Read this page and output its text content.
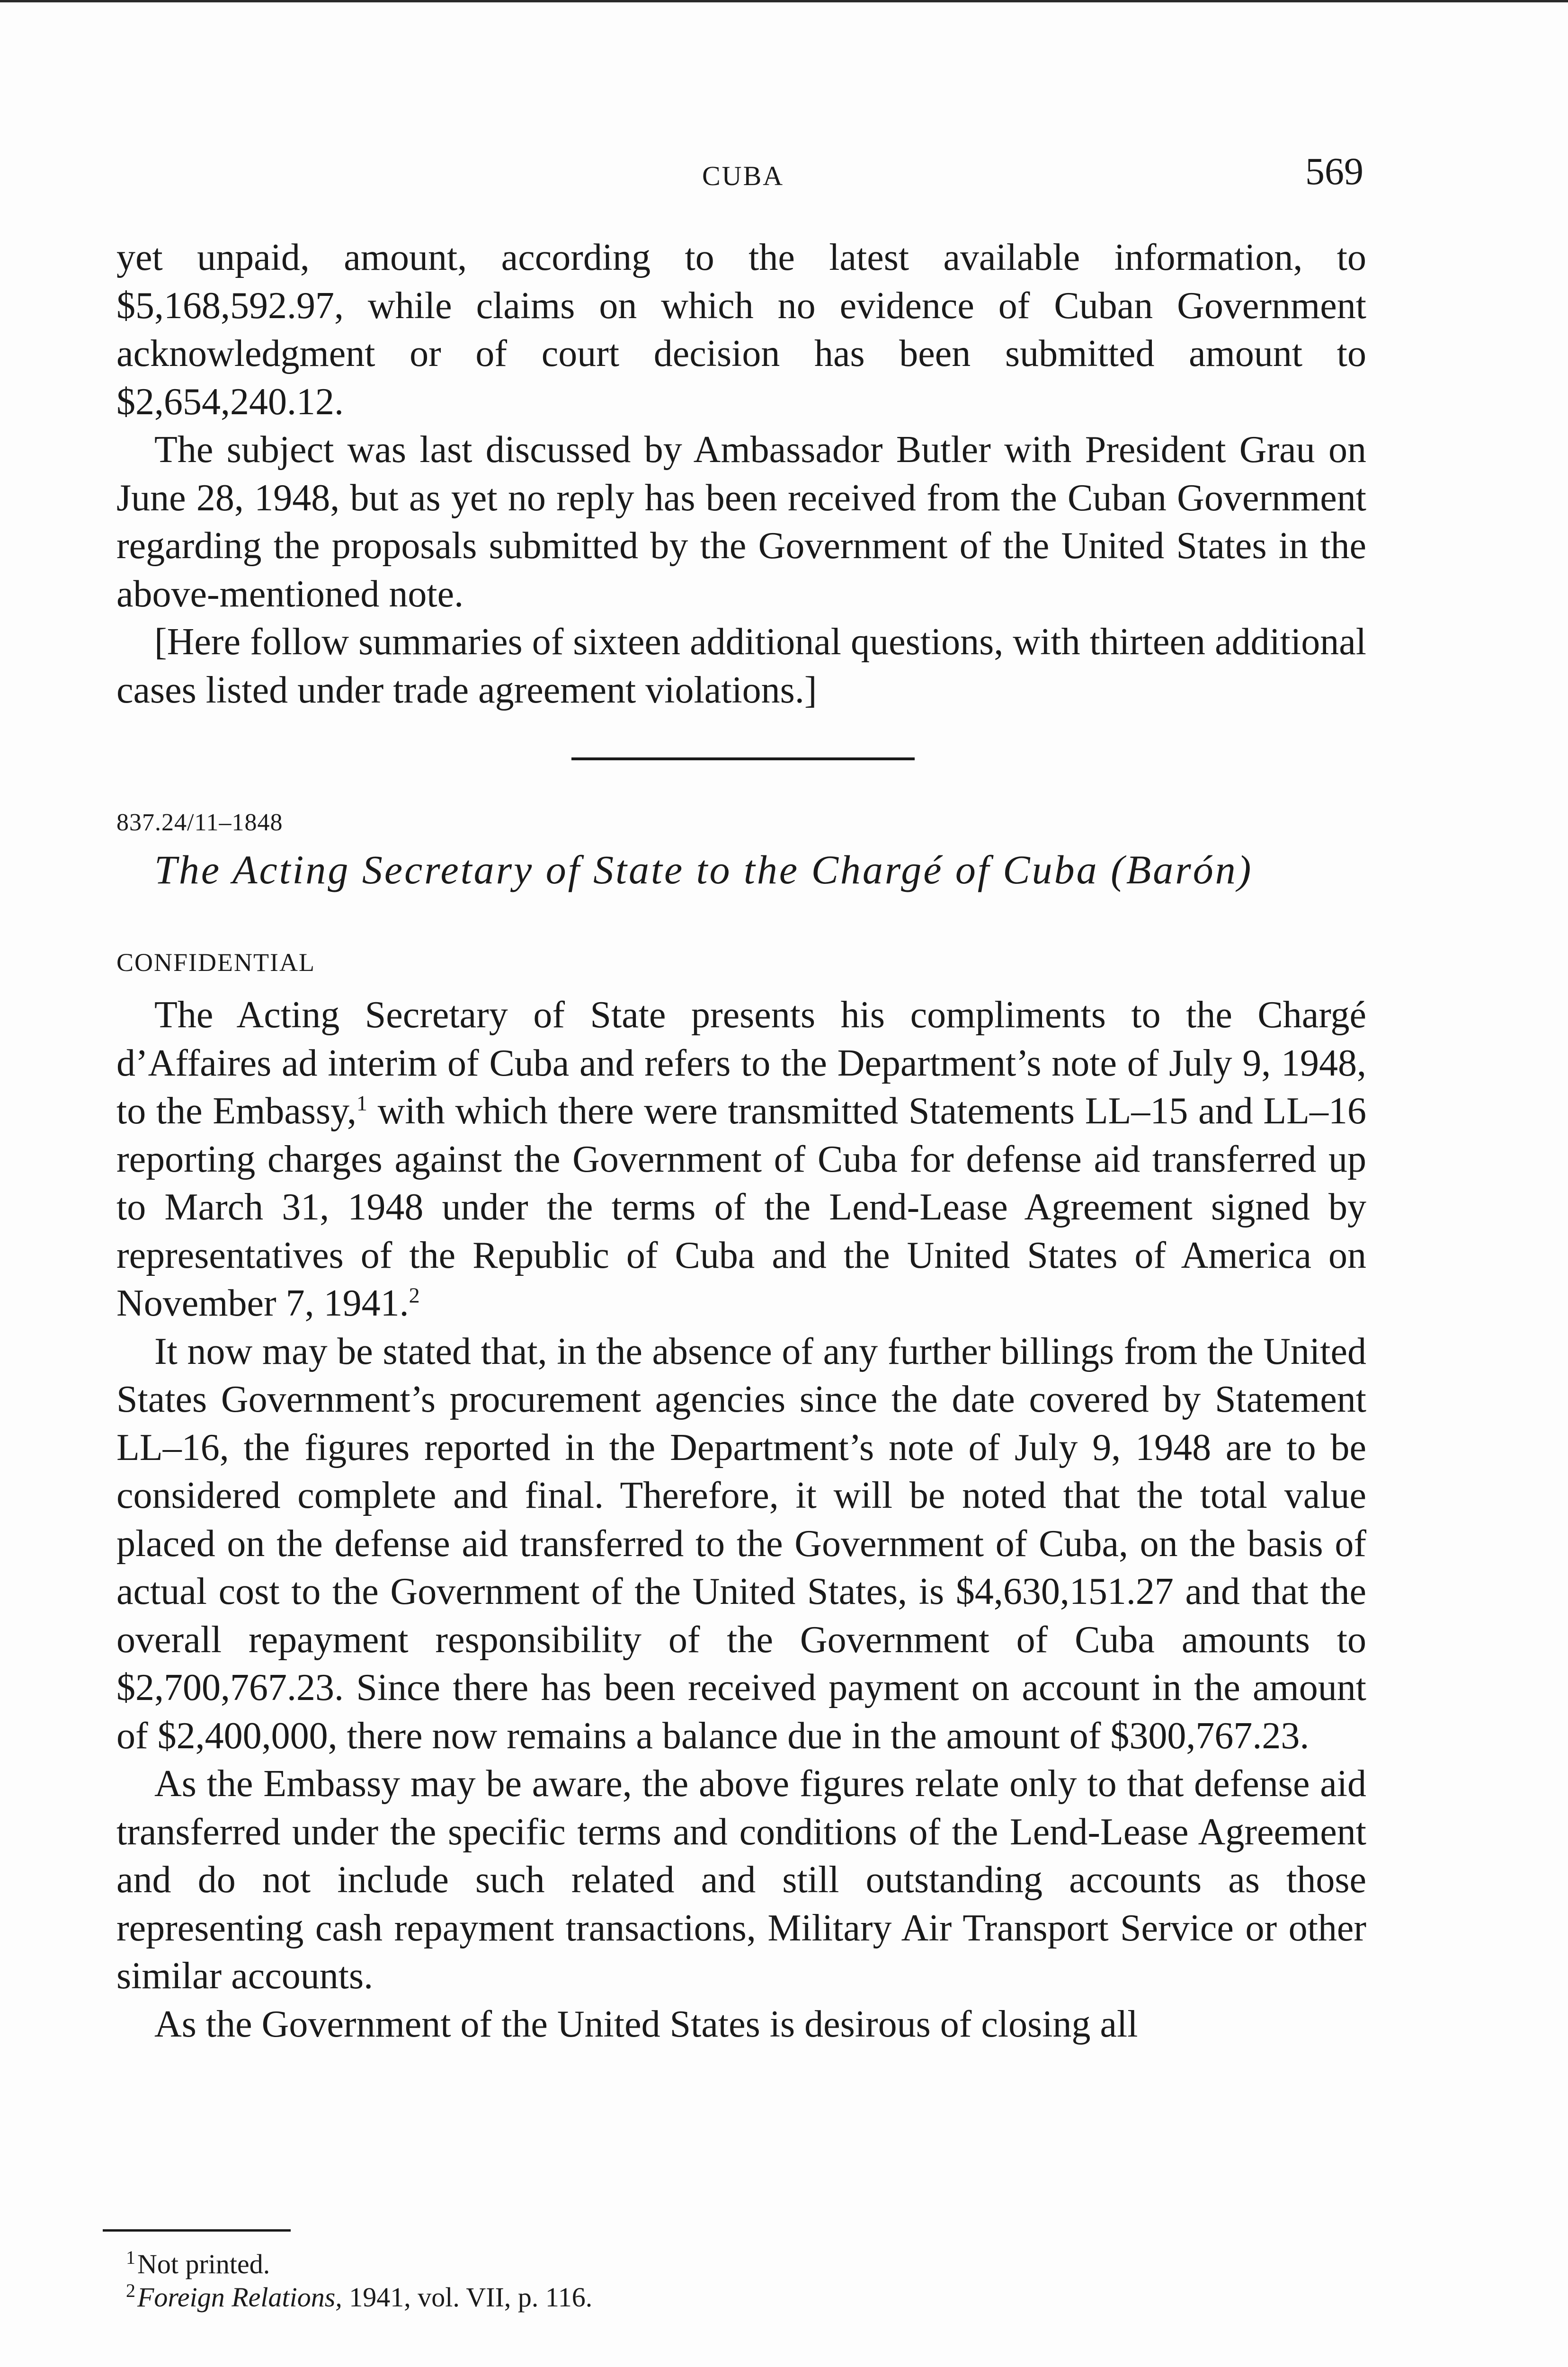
CUBA	569

yet unpaid, amount, according to the latest available information, to $5,168,592.97, while claims on which no evidence of Cuban Government acknowledgment or of court decision has been submitted amount to $2,654,240.12.

The subject was last discussed by Ambassador Butler with President Grau on June 28, 1948, but as yet no reply has been received from the Cuban Government regarding the proposals submitted by the Government of the United States in the above-mentioned note.

[Here follow summaries of sixteen additional questions, with thirteen additional cases listed under trade agreement violations.]

837.24/11–1848
The Acting Secretary of State to the Chargé of Cuba (Barón)
CONFIDENTIAL

The Acting Secretary of State presents his compliments to the Chargé d’Affaires ad interim of Cuba and refers to the Department’s note of July 9, 1948, to the Embassy,$^1$ with which there were transmitted Statements LL–15 and LL–16 reporting charges against the Government of Cuba for defense aid transferred up to March 31, 1948 under the terms of the Lend-Lease Agreement signed by representatives of the Republic of Cuba and the United States of America on November 7, 1941.$^2$

It now may be stated that, in the absence of any further billings from the United States Government’s procurement agencies since the date covered by Statement LL–16, the figures reported in the Department’s note of July 9, 1948 are to be considered complete and final. Therefore, it will be noted that the total value placed on the defense aid transferred to the Government of Cuba, on the basis of actual cost to the Government of the United States, is $4,630,151.27 and that the overall repayment responsibility of the Government of Cuba amounts to $2,700,767.23. Since there has been received payment on account in the amount of $2,400,000, there now remains a balance due in the amount of $300,767.23.

As the Embassy may be aware, the above figures relate only to that defense aid transferred under the specific terms and conditions of the Lend-Lease Agreement and do not include such related and still outstanding accounts as those representing cash repayment transactions, Military Air Transport Service or other similar accounts.

As the Government of the United States is desirous of closing all

$^1$Not printed.

$^2$Foreign Relations, 1941, vol. VII, p. 116.
